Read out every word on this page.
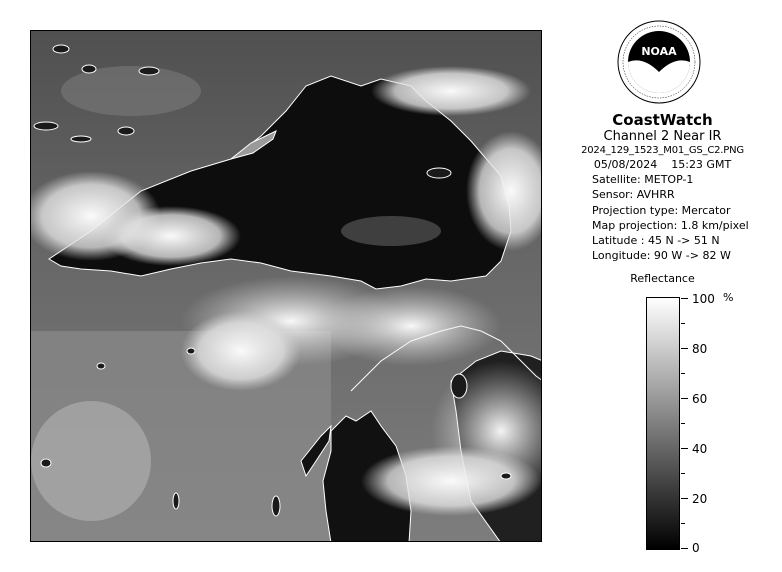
NOAA
CoastWatch
Channel 2 Near IR
2024_129_1523_M01_GS_C2.PNG
05/08/2024 15:23 GMT
Satellite: METOP-1
Sensor: AVHRR
Projection type: Mercator
Map projection: 1.8 km/pixel
Latitude : 45 N -> 51 N
Longitude: 90 W -> 82 W
Reflectance
%
100
80
60
40
20
0
